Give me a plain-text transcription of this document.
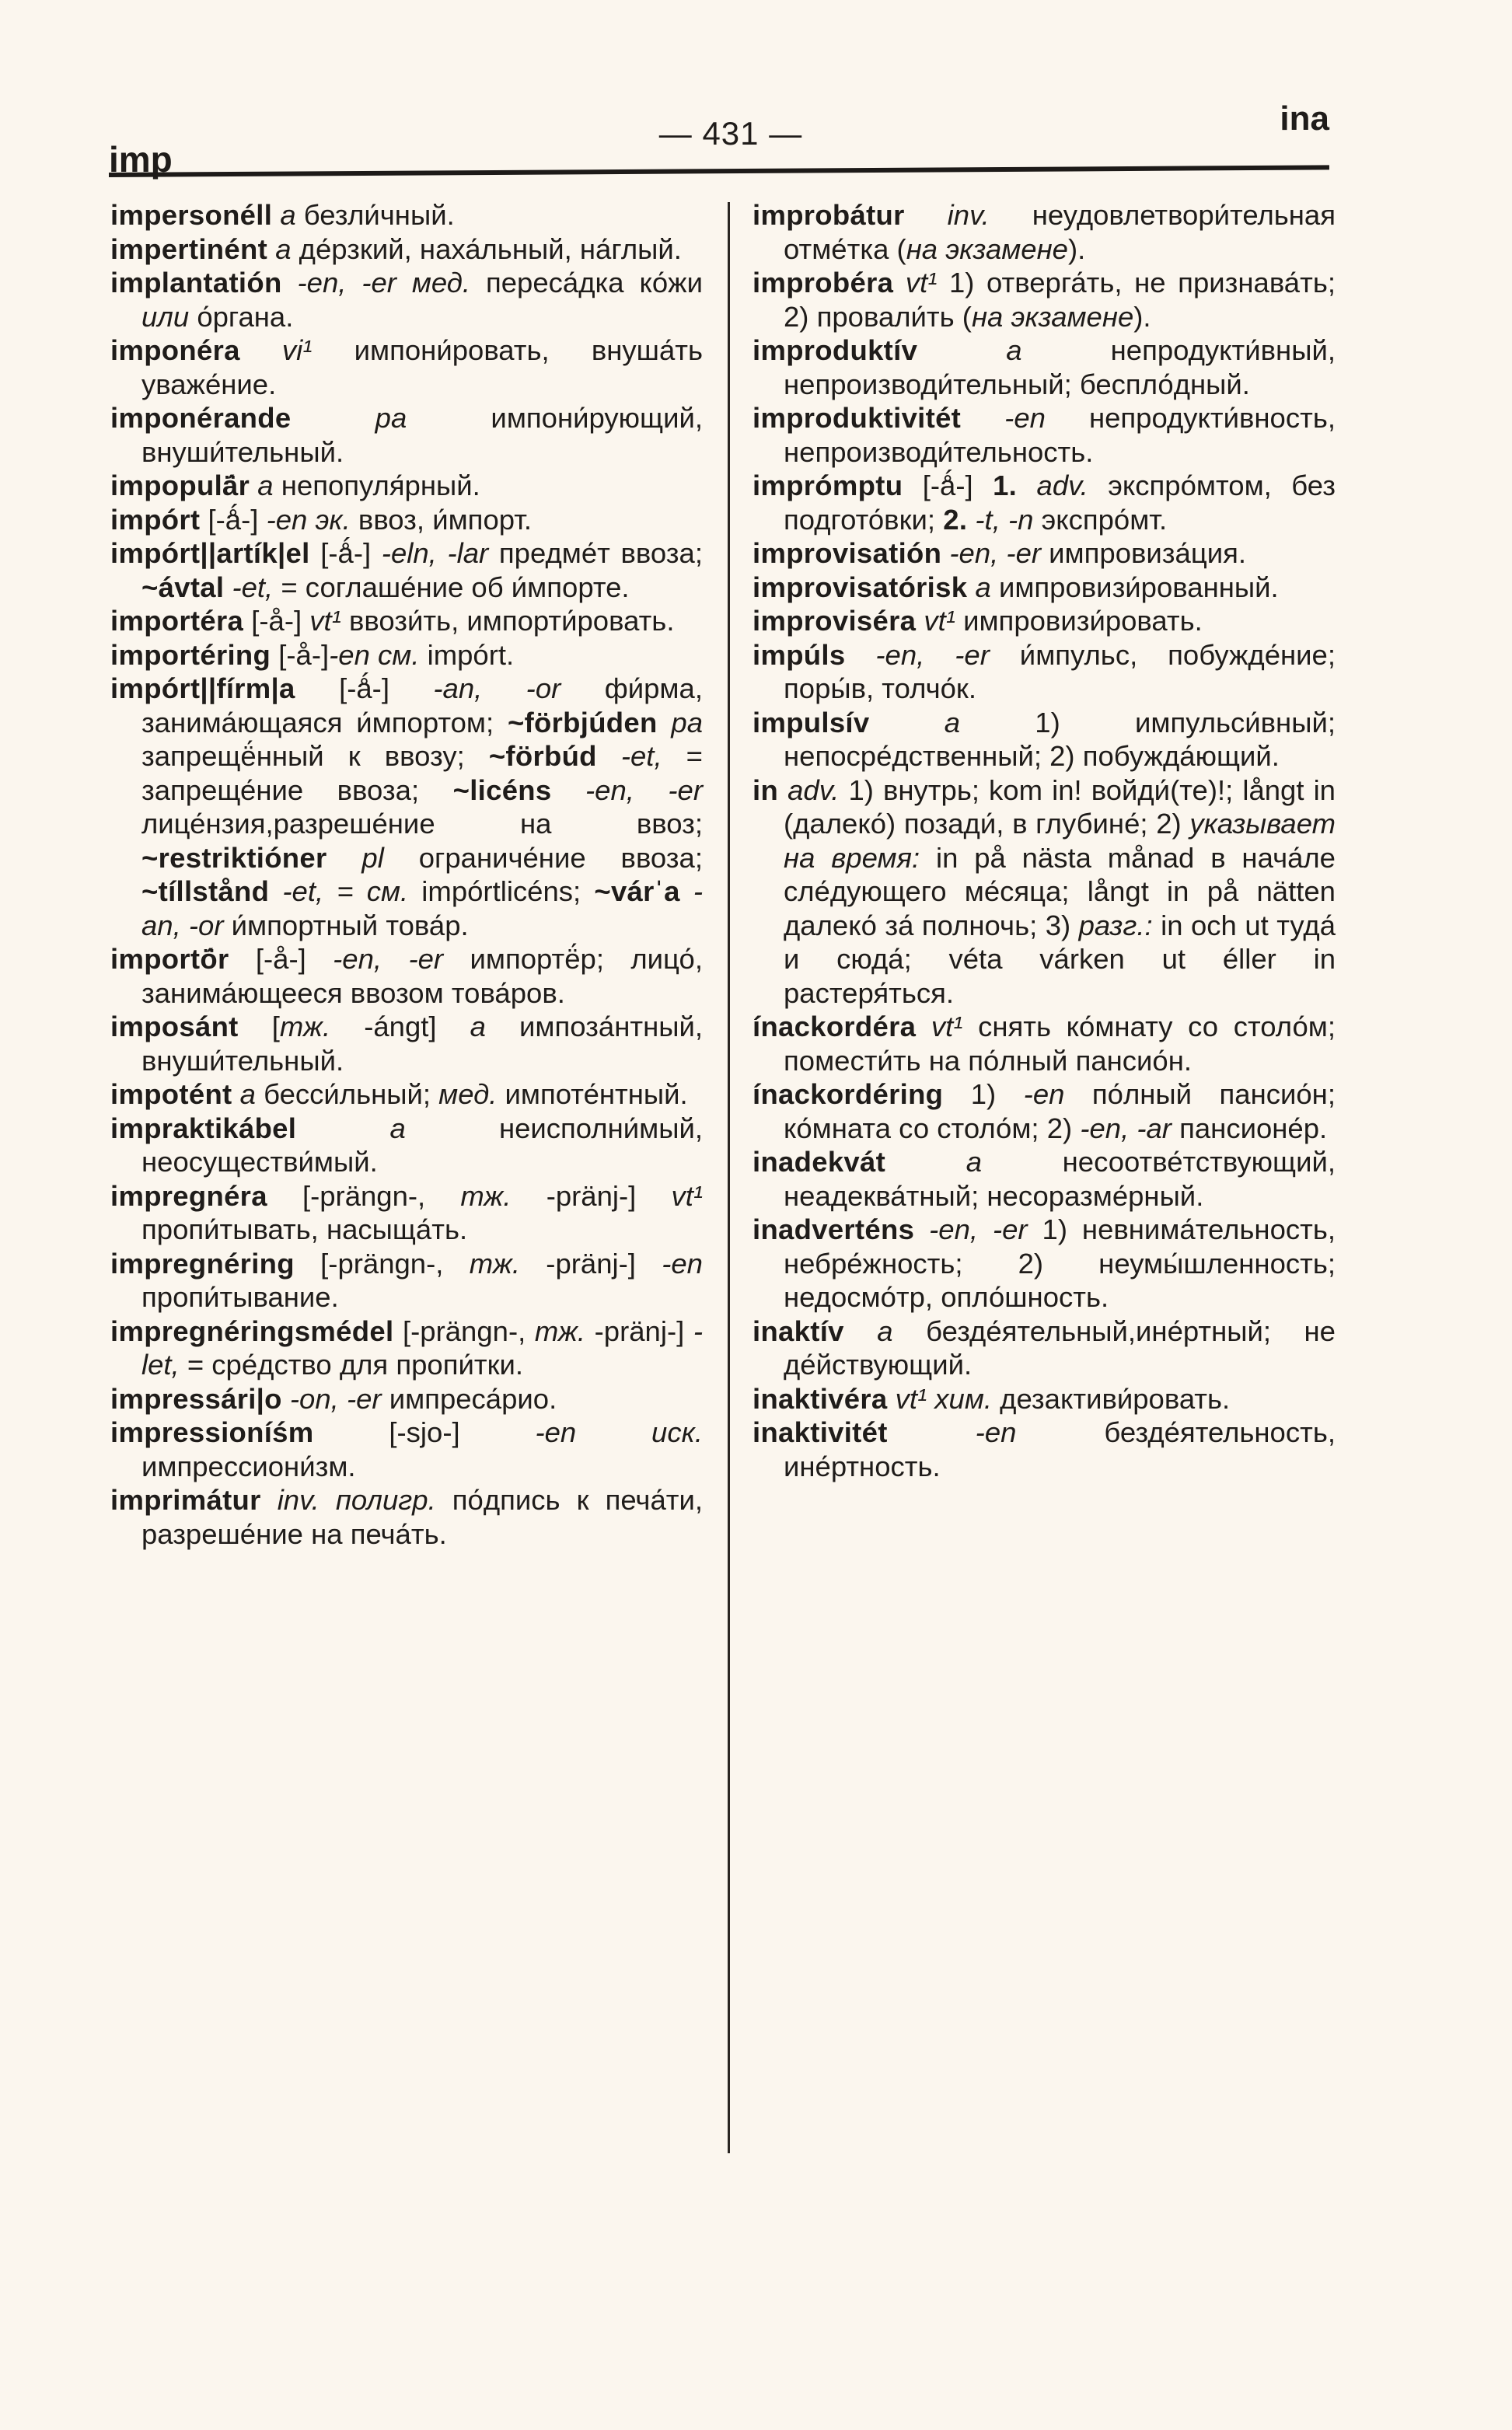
imp
— 431 —	ina
impersonéll a безли́чный.
impertinént a де́рзкий, наха́льный, на́глый.
implantatión -en, -er мед. переса́дка ко́жи или о́ргана.
imponéra vi¹ импони́ровать, внуша́ть уваже́ние.
imponérande	pa импони́рующий, внуши́тельный.
impopulä́r a непопуля́рный.
impórt [-ǻ-] -en эк. ввоз, и́мпорт.
impórt||artík|el [-ǻ-] -eln, -lar предме́т ввоза; ~ávtal -et, = соглаше́ние об и́мпорте.
importéra [-å-] vt¹ ввози́ть, импорти́ровать.
importéring [-å-]-en см. impórt.
impórt||fírm|a [-ǻ-] -an, -or фи́рма, занима́ющаяся и́мпортом; ~förbjúden pa запрещё́нный к ввозу; ~förbúd -et, = запреще́ние ввоза; ~licéns -en, -er лице́нзия,разреше́ние на ввоз; ~restriktióner pl ограниче́ние ввоза; ~tíllstånd -et, = см. impórtlicéns; ~várˈa -an, -or и́мпортный това́р.
importö́r [-å-] -en, -er импортё́р; лицо́, занима́ющееся ввозом това́ров.
imposánt [тж. -ángt] a импоза́нтный, внуши́тельный.
impotént a бесси́льный; мед. импоте́нтный.
impraktikábel	a неисполни́мый, неосуществи́мый.
impregnéra [-prängn-, тж. -pränj-] vt¹ пропи́тывать, насыща́ть.
impregnéring [-prängn-, тж. -pränj-] -en пропи́тывание.
impregnéringsmédel [-prängn-, тж. -pränj-] -let, = сре́дство для пропи́тки.
impressári|o -on, -er импреса́рио.
impressioníśm	[-sjo-] -en иск. импрессиони́зм.
imprimátur inv. полигр. по́дпись к печа́ти, разреше́ние на печа́ть.
improbátur inv. неудовлетвори́тельная отме́тка (на экзамене).
improbéra vt¹ 1) отверга́ть, не признава́ть; 2) провали́ть (на экзамене).
improduktív	a непродукти́вный, непроизводи́тельный; беспло́дный.
improduktivitét -en непродукти́вность, непроизводи́тельность.
imprómptu [-ǻ-] 1. adv. экспро́мтом, без подгото́вки; 2. -t, -n экспро́мт.
improvisatión -en, -er импровиза́ция.
improvisatórisk a импровизи́рованный.
improviséra vt¹ импровизи́ровать.
impúls -en, -er и́мпульс, побужде́ние; поры́в, толчо́к.
impulsív	a 1) импульси́вный; непосре́дственный; 2) побужда́ющий.
in adv. 1) внутрь; kom in! войди́(те)!; långt in (далеко́) позади́, в глубине́; 2) указывает на время: in på nästa månad в нача́ле сле́дующего ме́сяца; långt in på nätten далеко́ за́ полночь; 3) разг.: in och ut туда́ и сюда́; véta várken ut éller in растеря́ться.
ínackordéra vt¹ снять ко́мнату со столо́м; помести́ть на по́лный пансио́н.
ínackordéring 1) -en по́лный пансио́н; ко́мната со столо́м; 2) -en, -ar пансионе́р.
inadekvát	a несоотве́тствующий, неадеква́тный; несоразме́рный.
inadverténs -en, -er 1) невнима́тельность, небре́жность; 2) неумы́шленность; недосмо́тр, опло́шность.
inaktív a безде́ятельный,ине́ртный; не де́йствующий.
inaktivéra vt¹ хим. дезактиви́ровать.
inaktivitét	-en безде́ятельность, ине́ртность.
